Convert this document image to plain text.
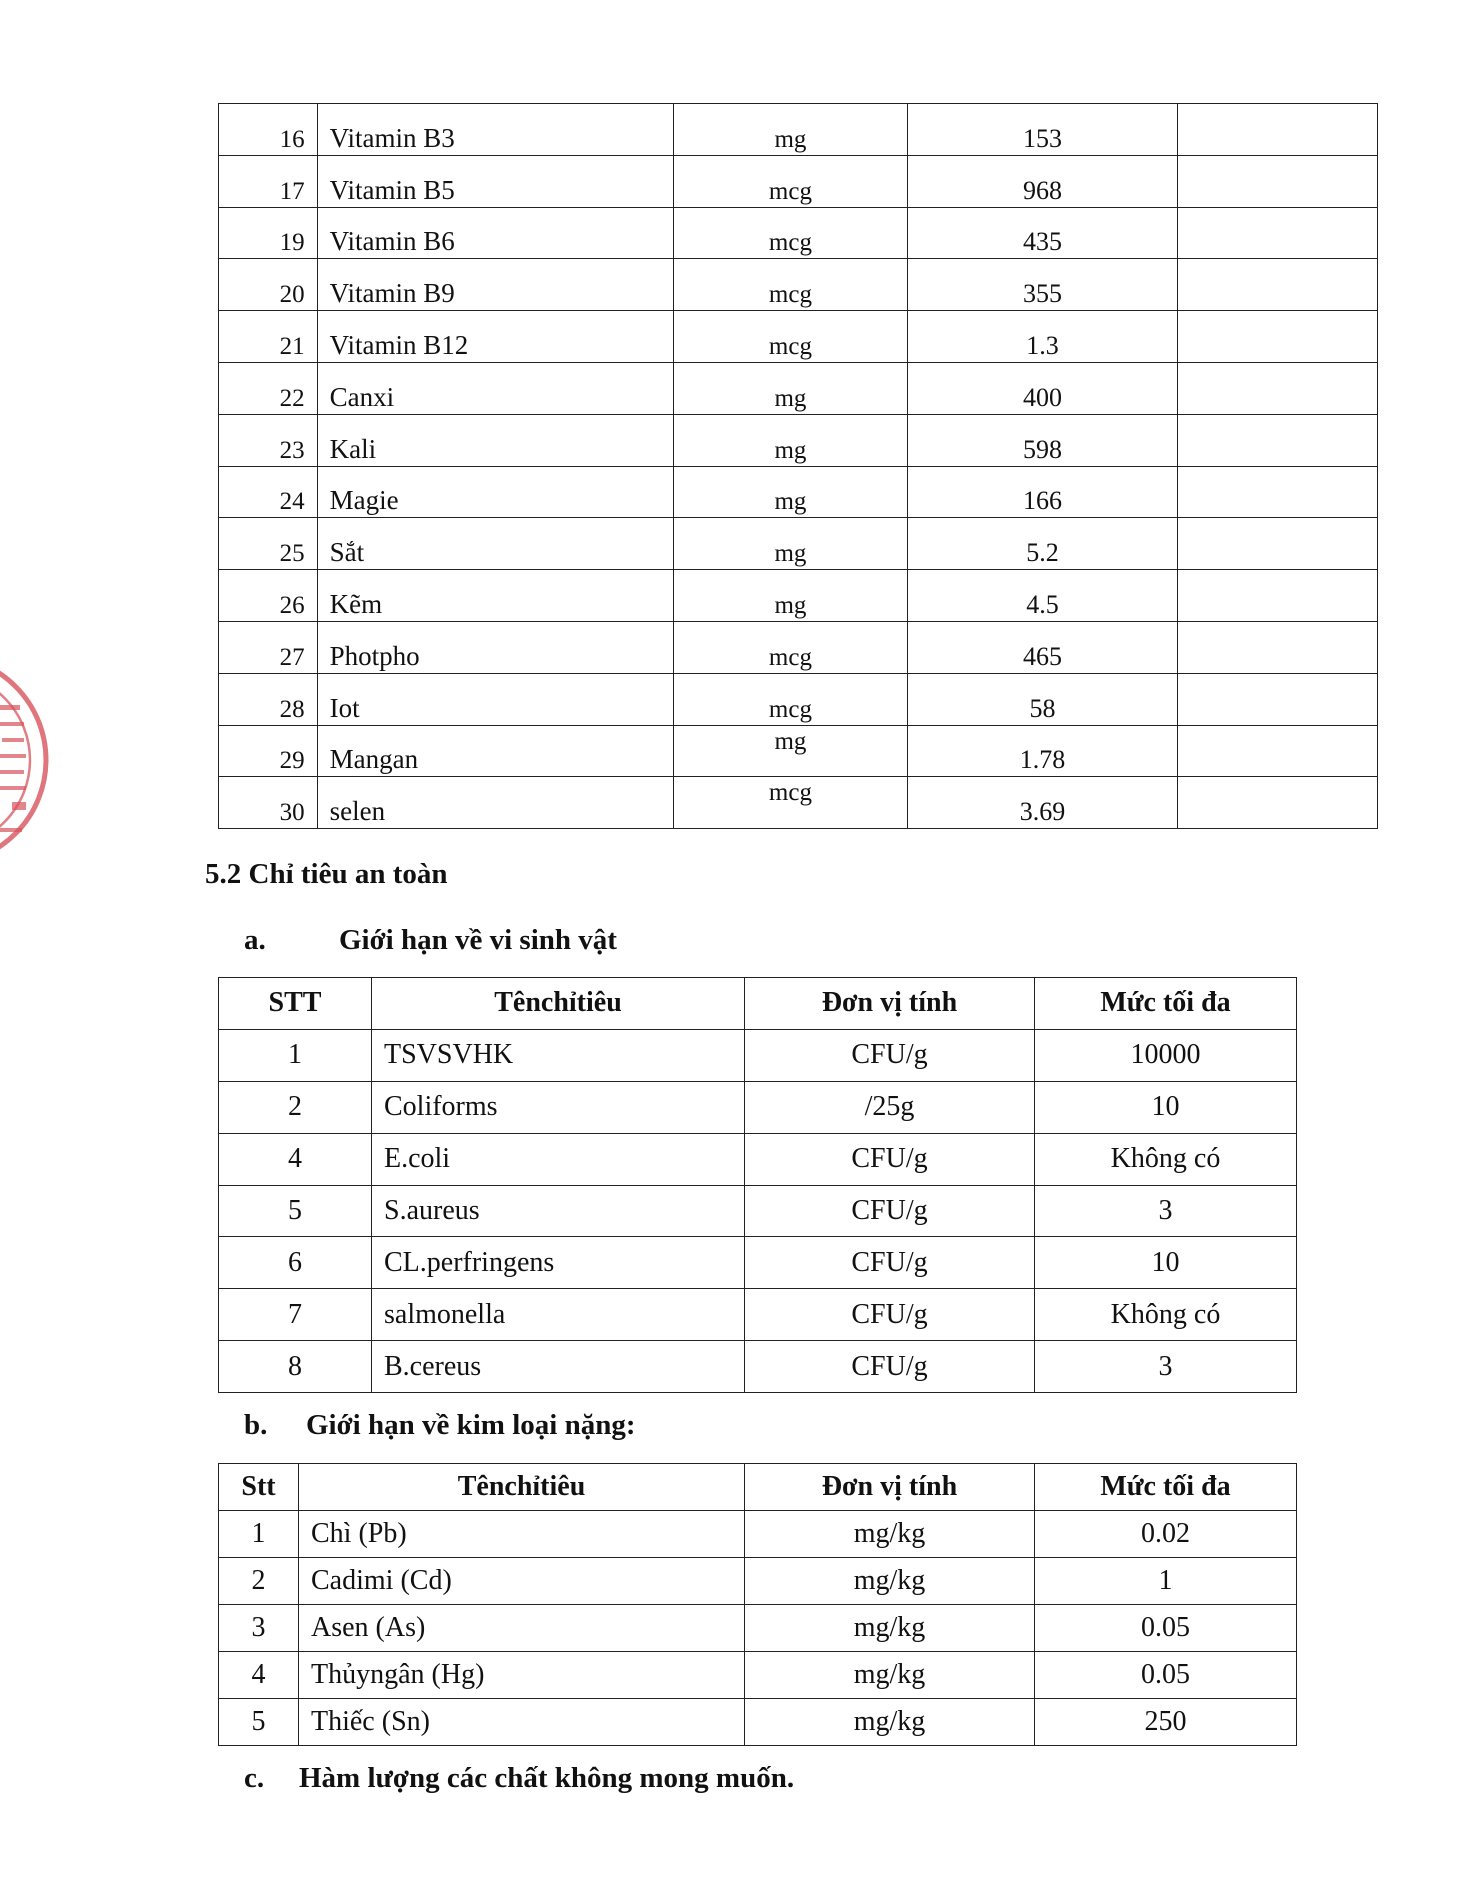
16	Vitamin B3	mg	153	
17	Vitamin B5	mcg	968	
19	Vitamin B6	mcg	435	
20	Vitamin B9	mcg	355	
21	Vitamin B12	mcg	1.3	
22	Canxi	mg	400	
23	Kali	mg	598	
24	Magie	mg	166	
25	Sắt	mg	5.2	
26	Kẽm	mg	4.5	
27	Photpho	mcg	465	
28	Iot	mcg	58	
29	Mangan	mg	1.78	
30	selen	mcg	3.69	
5.2 Chỉ tiêu an toàn
a.	Giới hạn về vi sinh vật
STT	Tênchỉtiêu	Đơn vị tính	Mức tối đa
1	TSVSVHK	CFU/g	10000
2	Coliforms	/25g	10
4	E.coli	CFU/g	Không có
5	S.aureus	CFU/g	3
6	CL.perfringens	CFU/g	10
7	salmonella	CFU/g	Không có
8	B.cereus	CFU/g	3
b. Giới hạn về kim loại nặng:
Stt	Tênchỉtiêu	Đơn vị tính	Mức tối đa
1	Chì (Pb)	mg/kg	0.02
2	Cadimi (Cd)	mg/kg	1
3	Asen (As)	mg/kg	0.05
4	Thủyngân (Hg)	mg/kg	0.05
5	Thiếc (Sn)	mg/kg	250
c. Hàm lượng các chất không mong muốn.
